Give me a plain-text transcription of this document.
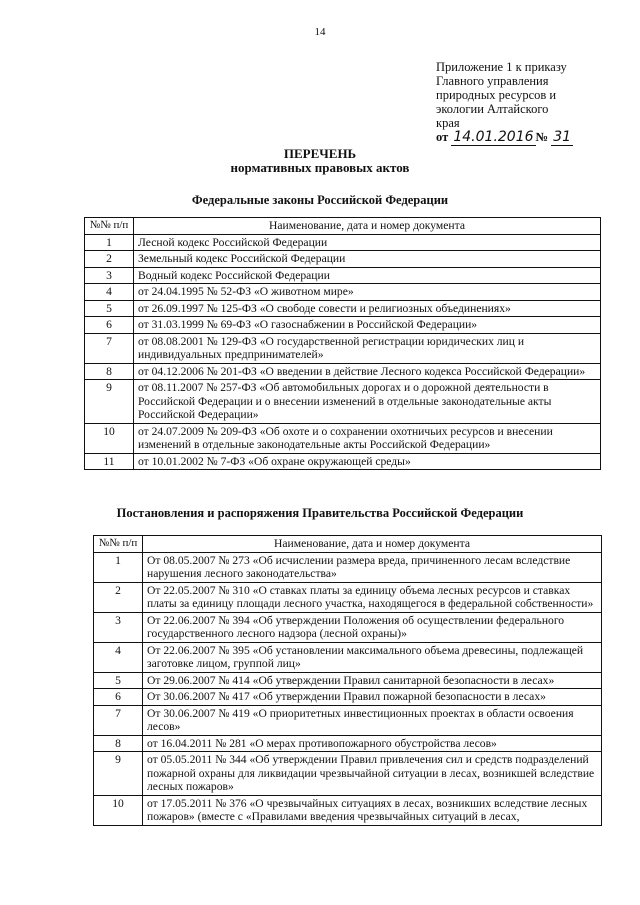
14
Приложение 1 к приказу
Главного управления
природных ресурсов и
экологии Алтайского
края
от 14.01.2016 № 31
ПЕРЕЧЕНЬ
нормативных правовых актов
Федеральные законы Российской Федерации
№№ п/п	Наименование, дата и номер документа
1	Лесной кодекс Российской Федерации
2	Земельный кодекс Российской Федерации
3	Водный кодекс Российской Федерации
4	от 24.04.1995 № 52-ФЗ «О животном мире»
5	от 26.09.1997 № 125-ФЗ «О свободе совести и религиозных объединениях»
6	от 31.03.1999 № 69-ФЗ «О газоснабжении в Российской Федерации»
7	от 08.08.2001 № 129-ФЗ «О государственной регистрации юридических лиц и индивидуальных предпринимателей»
8	от 04.12.2006 № 201-ФЗ «О введении в действие Лесного кодекса Российской Федерации»
9	от 08.11.2007 № 257-ФЗ «Об автомобильных дорогах и о дорожной деятельности в Российской Федерации и о внесении изменений в отдельные законодательные акты Российской Федерации»
10	от 24.07.2009 № 209-ФЗ «Об охоте и о сохранении охотничьих ресурсов и внесении изменений в отдельные законодательные акты Российской Федерации»
11	от 10.01.2002 № 7-ФЗ «Об охране окружающей среды»
Постановления и распоряжения Правительства Российской Федерации
№№ п/п	Наименование, дата и номер документа
1	От 08.05.2007 № 273 «Об исчислении размера вреда, причиненного лесам вследствие нарушения лесного законодательства»
2	От 22.05.2007 № 310 «О ставках платы за единицу объема лесных ресурсов и ставках платы за единицу площади лесного участка, находящегося в федеральной собственности»
3	От 22.06.2007 № 394 «Об утверждении Положения об осуществлении федерального государственного лесного надзора (лесной охраны)»
4	От 22.06.2007 № 395 «Об установлении максимального объема древесины, подлежащей заготовке лицом, группой лиц»
5	От 29.06.2007 № 414 «Об утверждении Правил санитарной безопасности в лесах»
6	От 30.06.2007 № 417 «Об утверждении Правил пожарной безопасности в лесах»
7	От 30.06.2007 № 419 «О приоритетных инвестиционных проектах в области освоения лесов»
8	от 16.04.2011 № 281 «О мерах противопожарного обустройства лесов»
9	от 05.05.2011 № 344 «Об утверждении Правил привлечения сил и средств подразделений пожарной охраны для ликвидации чрезвычайной ситуации в лесах, возникшей вследствие лесных пожаров»
10	от 17.05.2011 № 376 «О чрезвычайных ситуациях в лесах, возникших вследствие лесных пожаров» (вместе с «Правилами введения чрезвычайных ситуаций в лесах,
